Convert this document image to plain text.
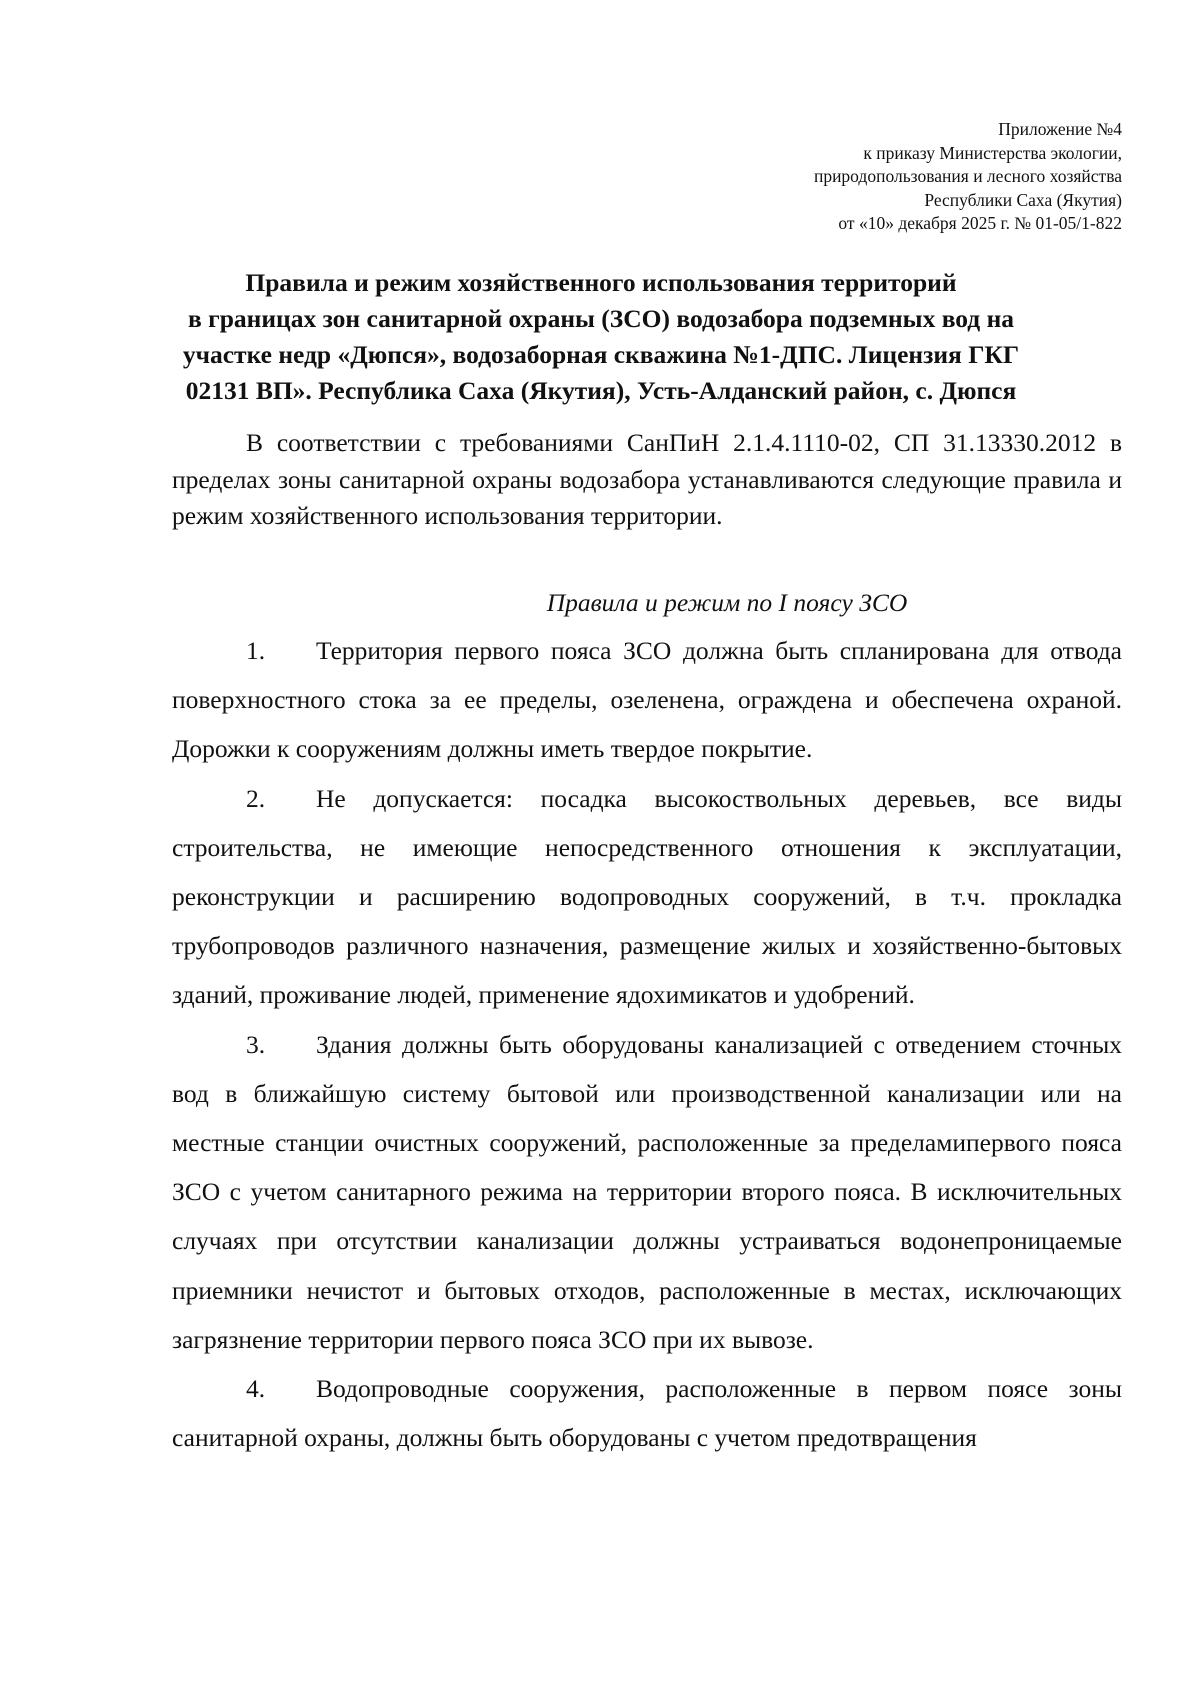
Приложение №4
к приказу Министерства экологии,
природопользования и лесного хозяйства
Республики Саха (Якутия)
от «10» декабря 2025 г. № 01-05/1-822
Правила и режим хозяйственного использования территорий
в границах зон санитарной охраны (ЗСО) водозабора подземных вод на
участке недр «Дюпся», водозаборная скважина №1-ДПС. Лицензия ГКГ
02131 ВП». Республика Саха (Якутия), Усть-Алданский район, с. Дюпся

В соответствии с требованиями СанПиН 2.1.4.1110-02, СП 31.13330.2012 в пределах зоны санитарной охраны водозабора устанавливаются следующие правила и режим хозяйственного использования территории.

Правила и режим по I поясу ЗСО

1. Территория первого пояса ЗСО должна быть спланирована для отвода поверхностного стока за ее пределы, озеленена, ограждена и обеспечена охраной. Дорожки к сооружениям должны иметь твердое покрытие.

2. Не допускается: посадка высокоствольных деревьев, все виды строительства, не имеющие непосредственного отношения к эксплуатации, реконструкции и расширению водопроводных сооружений, в т.ч. прокладка трубопроводов различного назначения, размещение жилых и хозяйственно-бытовых зданий, проживание людей, применение ядохимикатов и удобрений.

3. Здания должны быть оборудованы канализацией с отведением сточных вод в ближайшую систему бытовой или производственной канализации или на местные станции очистных сооружений, расположенные за пределамипервого пояса ЗСО с учетом санитарного режима на территории второго пояса. В исключительных случаях при отсутствии канализации должны устраиваться водонепроницаемые приемники нечистот и бытовых отходов, расположенные в местах, исключающих загрязнение территории первого пояса ЗСО при их вывозе.

4. Водопроводные сооружения, расположенные в первом поясе зоны санитарной охраны, должны быть оборудованы с учетом предотвращения
